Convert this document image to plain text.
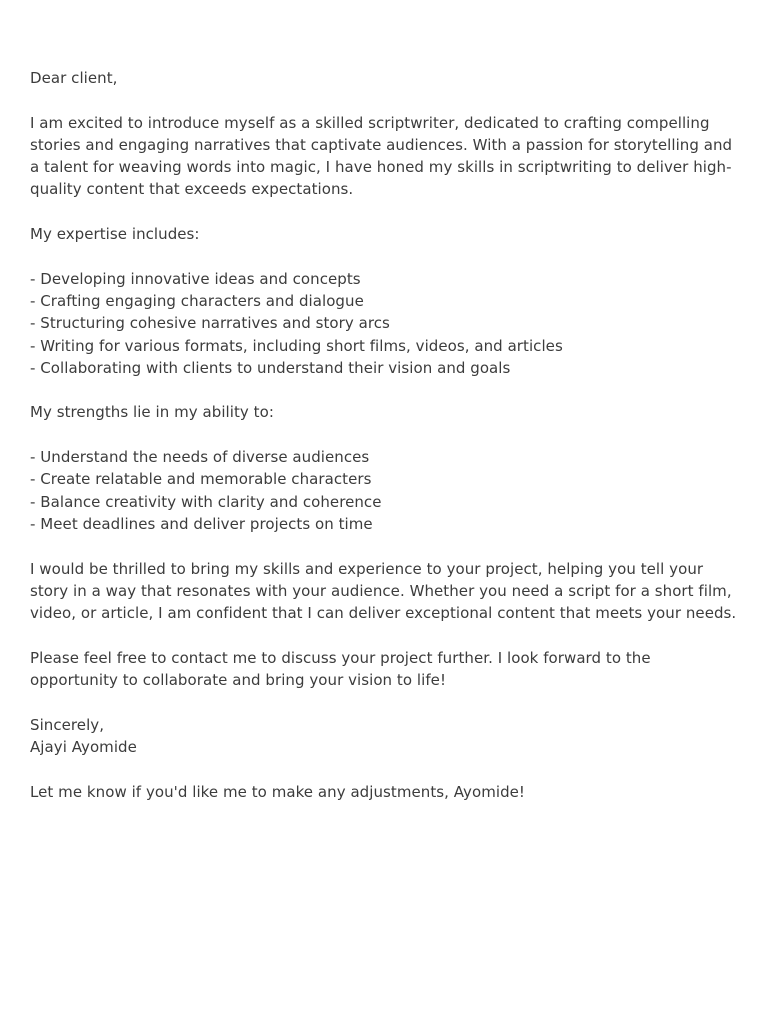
Dear client,

I am excited to introduce myself as a skilled scriptwriter, dedicated to crafting compelling stories and engaging narratives that captivate audiences. With a passion for storytelling and a talent for weaving words into magic, I have honed my skills in scriptwriting to deliver high-quality content that exceeds expectations.

My expertise includes:

- Developing innovative ideas and concepts
- Crafting engaging characters and dialogue
- Structuring cohesive narratives and story arcs
- Writing for various formats, including short films, videos, and articles
- Collaborating with clients to understand their vision and goals

My strengths lie in my ability to:

- Understand the needs of diverse audiences
- Create relatable and memorable characters
- Balance creativity with clarity and coherence
- Meet deadlines and deliver projects on time

I would be thrilled to bring my skills and experience to your project, helping you tell your story in a way that resonates with your audience. Whether you need a script for a short film, video, or article, I am confident that I can deliver exceptional content that meets your needs.

Please feel free to contact me to discuss your project further. I look forward to the opportunity to collaborate and bring your vision to life!

Sincerely,
Ajayi Ayomide

Let me know if you'd like me to make any adjustments, Ayomide!
